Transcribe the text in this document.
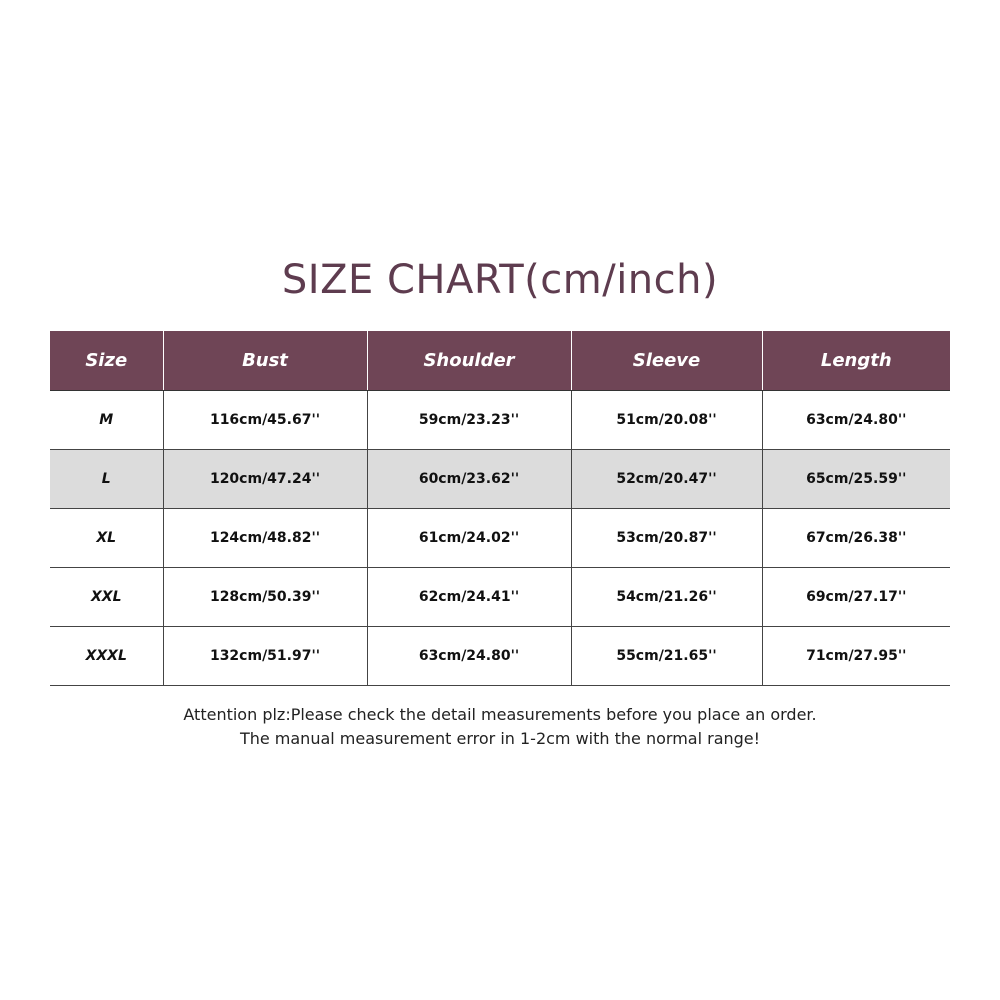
SIZE CHART(cm/inch)
Size	Bust	Shoulder	Sleeve	Length
M	116cm/45.67''	59cm/23.23''	51cm/20.08''	63cm/24.80''
L	120cm/47.24''	60cm/23.62''	52cm/20.47''	65cm/25.59''
XL	124cm/48.82''	61cm/24.02''	53cm/20.87''	67cm/26.38''
XXL	128cm/50.39''	62cm/24.41''	54cm/21.26''	69cm/27.17''
XXXL	132cm/51.97''	63cm/24.80''	55cm/21.65''	71cm/27.95''
Attention plz:Please check the detail measurements before you place an order.
The manual measurement error in 1-2cm with the normal range!
